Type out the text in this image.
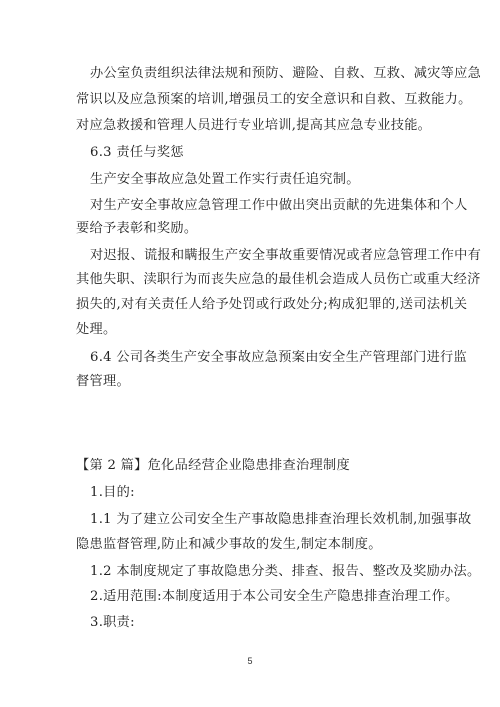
办公室负责组织法律法规和预防、避险、自救、互救、减灾等应急
常识以及应急预案的培训,增强员工的安全意识和自救、互救能力。
对应急救援和管理人员进行专业培训,提高其应急专业技能。
6.3 责任与奖惩
生产安全事故应急处置工作实行责任追究制。
对生产安全事故应急管理工作中做出突出贡献的先进集体和个人
要给予表彰和奖励。
对迟报、谎报和瞒报生产安全事故重要情况或者应急管理工作中有
其他失职、渎职行为而丧失应急的最佳机会造成人员伤亡或重大经济
损失的,对有关责任人给予处罚或行政处分;构成犯罪的,送司法机关
处理。
6.4 公司各类生产安全事故应急预案由安全生产管理部门进行监
督管理。
【第 2 篇】危化品经营企业隐患排查治理制度
1.目的:
1.1 为了建立公司安全生产事故隐患排查治理长效机制,加强事故
隐患监督管理,防止和减少事故的发生,制定本制度。
1.2 本制度规定了事故隐患分类、排查、报告、整改及奖励办法。
2.适用范围:本制度适用于本公司安全生产隐患排查治理工作。
3.职责:
5
